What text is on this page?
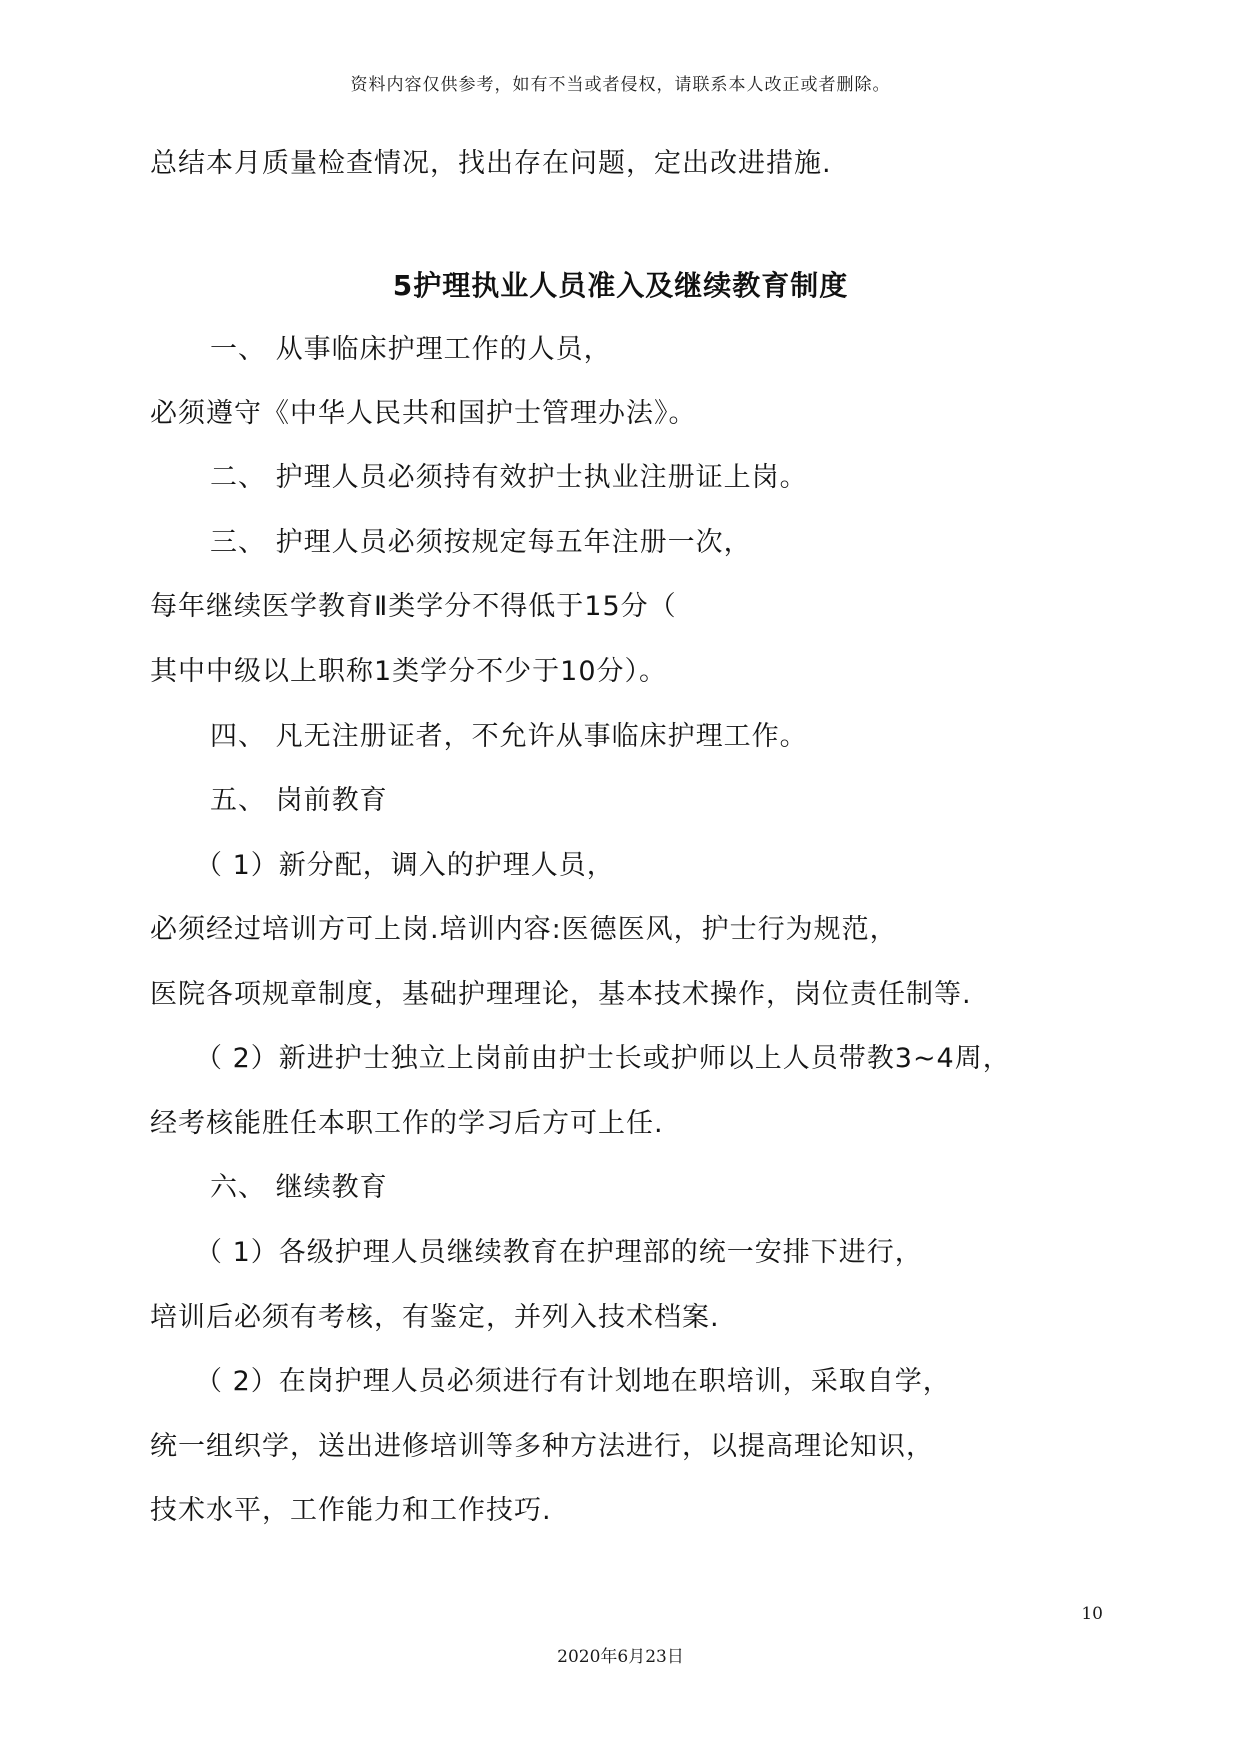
资料内容仅供参考，如有不当或者侵权，请联系本人改正或者删除。
总结本月质量检查情况，找出存在问题，定出改进措施.
5护理执业人员准入及继续教育制度
一、 从事临床护理工作的人员，
必须遵守《中华人民共和国护士管理办法》。
二、 护理人员必须持有效护士执业注册证上岗。
三、 护理人员必须按规定每五年注册一次，
每年继续医学教育Ⅱ类学分不得低于15分（
其中中级以上职称1类学分不少于10分）。
四、 凡无注册证者，不允许从事临床护理工作。
五、 岗前教育
（ 1）新分配，调入的护理人员，
必须经过培训方可上岗.培训内容:医德医风，护士行为规范，
医院各项规章制度，基础护理理论，基本技术操作，岗位责任制等.
（ 2）新进护士独立上岗前由护士长或护师以上人员带教3~4周，
经考核能胜任本职工作的学习后方可上任.
六、 继续教育
（ 1）各级护理人员继续教育在护理部的统一安排下进行，
培训后必须有考核，有鉴定，并列入技术档案.
（ 2）在岗护理人员必须进行有计划地在职培训，采取自学，
统一组织学，送出进修培训等多种方法进行，以提高理论知识，
技术水平，工作能力和工作技巧.
10
2020年6月23日
